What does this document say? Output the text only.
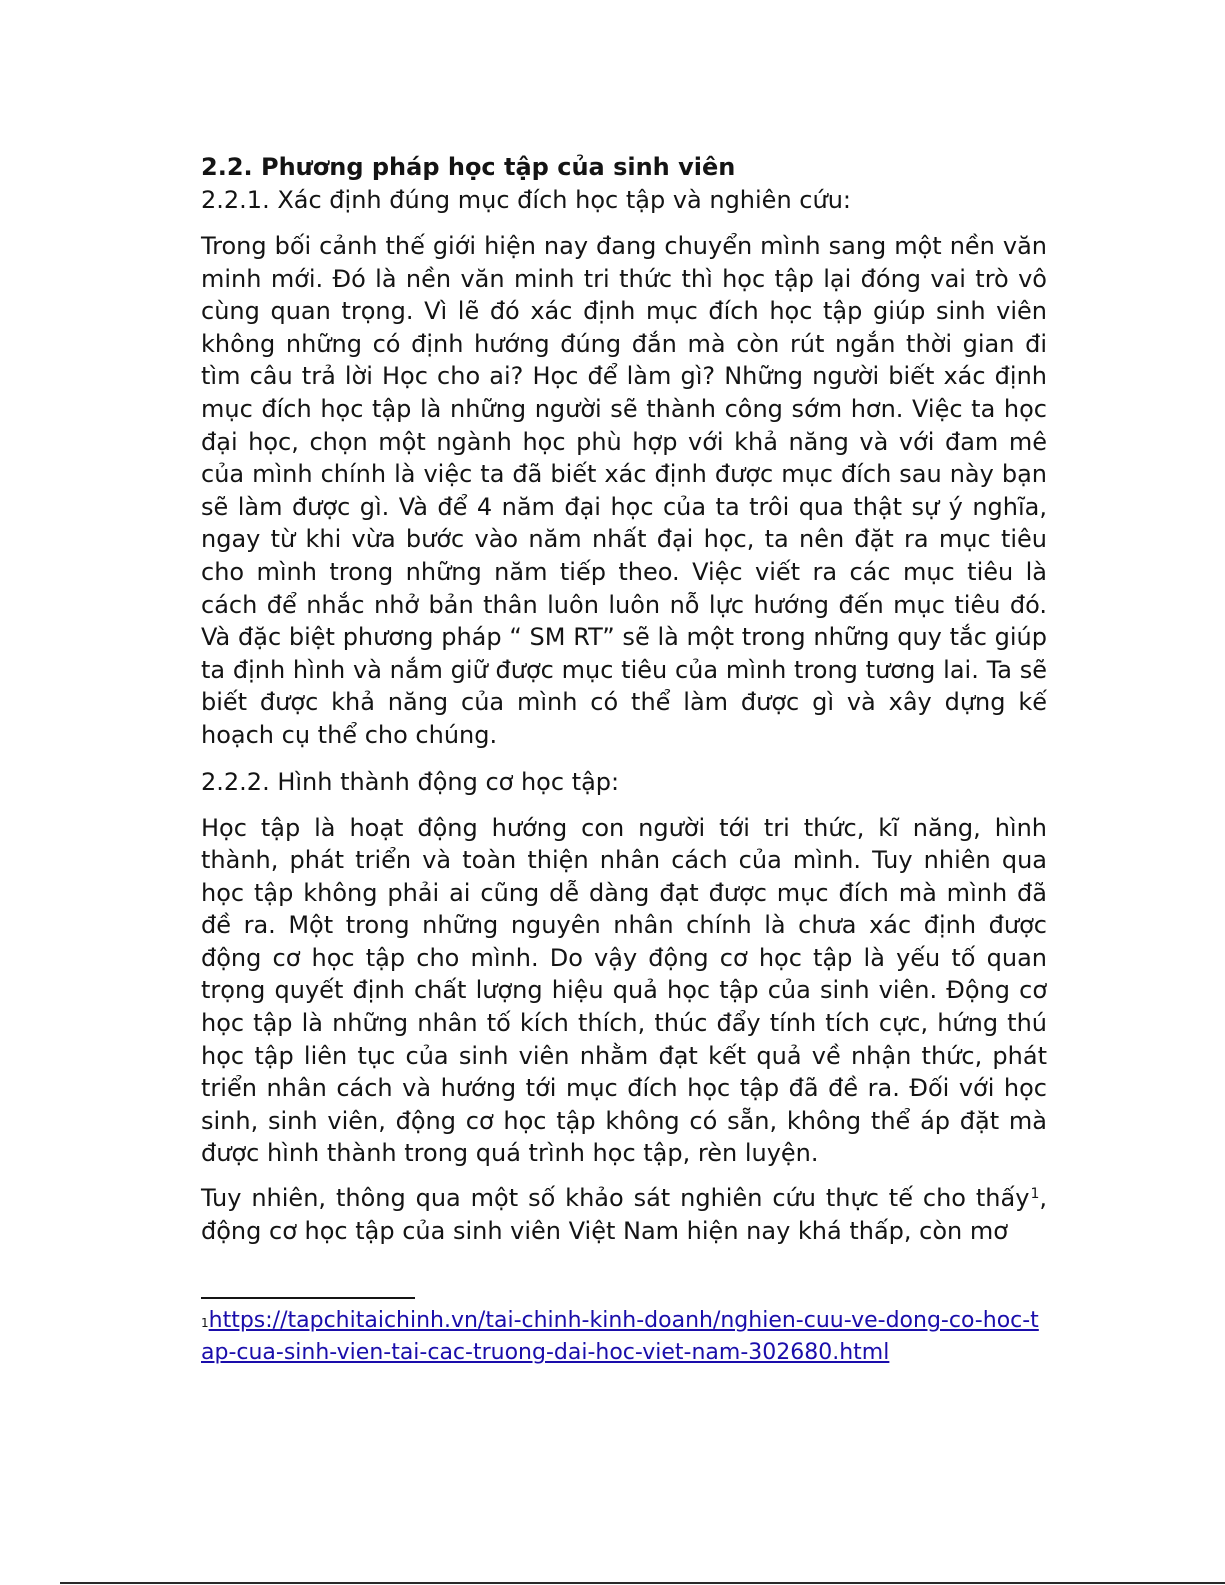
2.2. Phương pháp học tập của sinh viên

2.2.1. Xác định đúng mục đích học tập và nghiên cứu:

Trong bối cảnh thế giới hiện nay đang chuyển mình sang một nền văn minh mới. Đó là nền văn minh tri thức thì học tập lại đóng vai trò vô cùng quan trọng. Vì lẽ đó xác định mục đích học tập giúp sinh viên không những có định hướng đúng đắn mà còn rút ngắn thời gian đi tìm câu trả lời Học cho ai? Học để làm gì? Những người biết xác định mục đích học tập là những người sẽ thành công sớm hơn. Việc ta học đại học, chọn một ngành học phù hợp với khả năng và với đam mê của mình chính là việc ta đã biết xác định được mục đích sau này bạn sẽ làm được gì. Và để 4 năm đại học của ta trôi qua thật sự ý nghĩa, ngay từ khi vừa bước vào năm nhất đại học, ta nên đặt ra mục tiêu cho mình trong những năm tiếp theo. Việc viết ra các mục tiêu là cách để nhắc nhở bản thân luôn luôn nỗ lực hướng đến mục tiêu đó. Và đặc biệt phương pháp “ SM RT” sẽ là một trong những quy tắc giúp ta định hình và nắm giữ được mục tiêu của mình trong tương lai. Ta sẽ biết được khả năng của mình có thể làm được gì và xây dựng kế hoạch cụ thể cho chúng.

2.2.2. Hình thành động cơ học tập:

Học tập là hoạt động hướng con người tới tri thức, kĩ năng, hình thành, phát triển và toàn thiện nhân cách của mình. Tuy nhiên qua học tập không phải ai cũng dễ dàng đạt được mục đích mà mình đã đề ra. Một trong những nguyên nhân chính là chưa xác định được động cơ học tập cho mình. Do vậy động cơ học tập là yếu tố quan trọng quyết định chất lượng hiệu quả học tập của sinh viên. Động cơ học tập là những nhân tố kích thích, thúc đẩy tính tích cực, hứng thú học tập liên tục của sinh viên nhằm đạt kết quả về nhận thức, phát triển nhân cách và hướng tới mục đích học tập đã đề ra. Đối với học sinh, sinh viên, động cơ học tập không có sẵn, không thể áp đặt mà được hình thành trong quá trình học tập, rèn luyện.

Tuy nhiên, thông qua một số khảo sát nghiên cứu thực tế cho thấy$^1$, động cơ học tập của sinh viên Việt Nam hiện nay khá thấp, còn mơ

$^1$https://tapchitaichinh.vn/tai-chinh-kinh-doanh/nghien-cuu-ve-dong-co-hoc-tap-cua-sinh-vien-tai-cac-truong-dai-hoc-viet-nam-302680.html
